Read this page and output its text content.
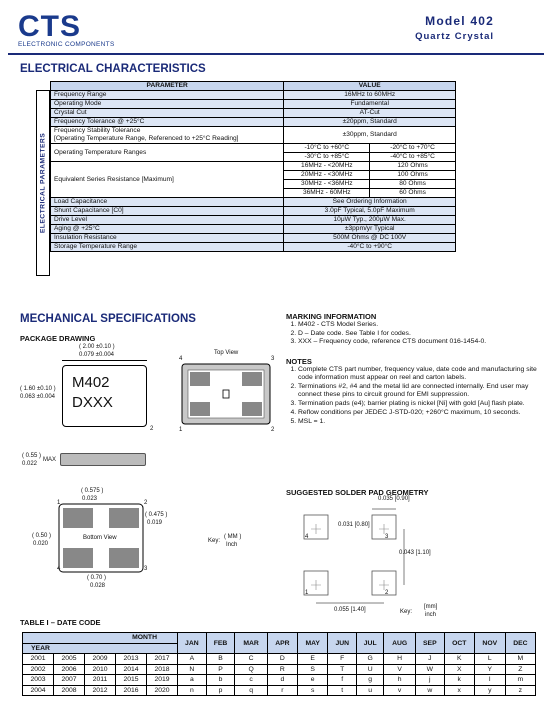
CTS
ELECTRONIC COMPONENTS
Model 402
Quartz Crystal
ELECTRICAL CHARACTERISTICS
ELECTRICAL PARAMETERS
PARAMETER	VALUE	
Frequency Range	16MHz to 60MHz	
Operating Mode	Fundamental	
Crystal Cut	AT-Cut	
Frequency Tolerance @ +25°C	±20ppm, Standard	

Frequency Stability Tolerance
[Operating Temperature Range, Referenced to +25°C Reading]	±30ppm, Standard	
Operating Temperature Ranges	-10°C to +60°C	-20°C to +70°C
	-30°C to +85°C	-40°C to +85°C
Equivalent Series Resistance [Maximum]	16MHz - <20MHz	120 Ohms
	20MHz - <30MHz	100 Ohms
	30MHz - <36MHz	80 Ohms
	36MHz - 60MHz	60 Ohms
Load Capacitance	See Ordering Information	
Shunt Capacitance [C0]	3.0pF Typical, 5.0pF Maximum	
Drive Level	10μW Typ., 200μW Max.	
Aging @ +25°C	±3ppm/yr Typical	
Insulation Resistance	500M Ohms @ DC 100V	
Storage Temperature Range	-40°C to +90°C	
MECHANICAL SPECIFICATIONS
PACKAGE DRAWING
( 2.00 ±0.10 )
0.079 ±0.004
( 1.60 ±0.10 )
0.063 ±0.004
M402
DXXX
2
Top View
4	3
1	2
( 0.55 )
0.022
MAX
( 0.575 )
0.023
( 0.475 )
0.019
( 0.50 )
0.020
( 0.70 )
0.028
Bottom View
1	2
4	3
Key:
( MM )
Inch
MARKING INFORMATION
1. M402 - CTS Model Series.
2. D – Date code. See Table I for codes.
3. XXX – Frequency code, reference CTS document 016-1454-0.
NOTES
1. Complete CTS part number, frequency value, date code and manufacturing site code information must appear on reel and carton labels.
2. Terminations #2, #4 and the metal lid are connected internally. End user may connect these pins to circuit ground for EMI suppression.
3. Termination pads (e4); barrier plating is nickel [Ni] with gold [Au] flash plate.
4. Reflow conditions per JEDEC J-STD-020; +260°C maximum, 10 seconds.
5. MSL = 1.
SUGGESTED SOLDER PAD GEOMETRY
0.035 [0.90]
0.031 [0.80]
0.043 [1.10]
0.055 [1.40]	Key:
[mm]
inch
4	3
1	2
TABLE I – DATE CODE
MONTH					JAN	FEB	MAR	APR	MAY	JUN	JUL	AUG	SEP	OCT	NOV	DEC
YEAR																
2001	2005	2009	2013	2017	A	B	C	D	E	F	G	H	J	K	L	M
2002	2006	2010	2014	2018	N	P	Q	R	S	T	U	V	W	X	Y	Z
2003	2007	2011	2015	2019	a	b	c	d	e	f	g	h	j	k	l	m
2004	2008	2012	2016	2020	n	p	q	r	s	t	u	v	w	x	y	z
